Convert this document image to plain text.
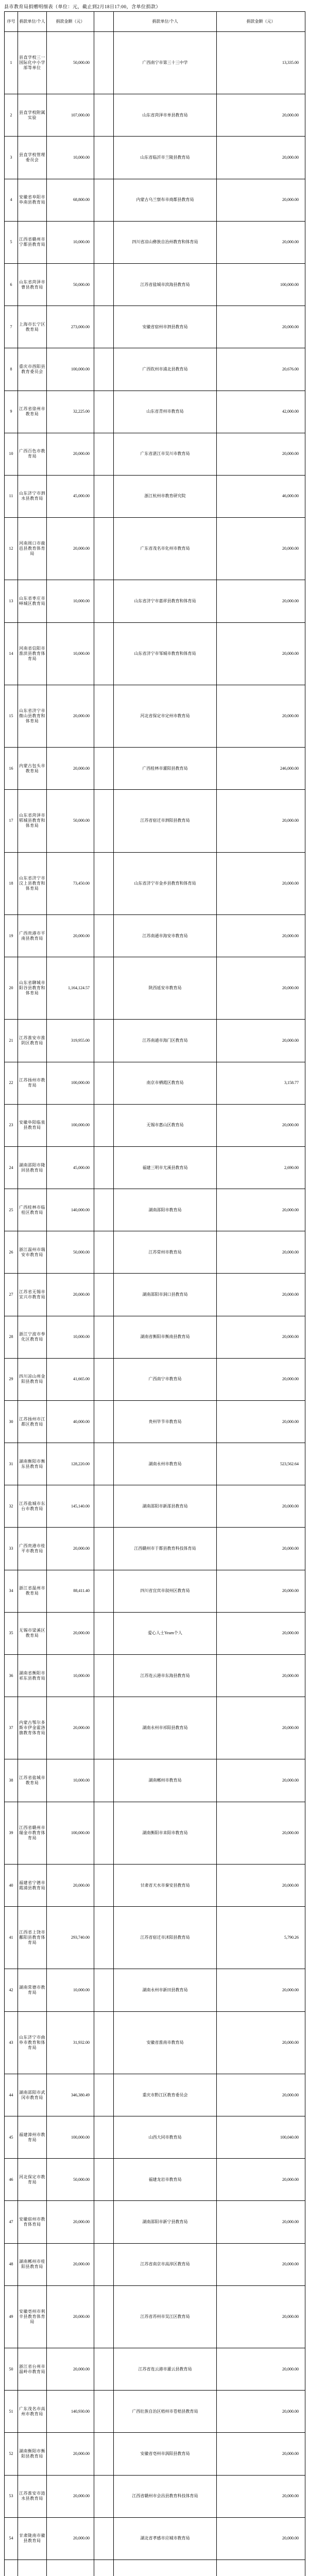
县市教育局捐赠明细表（单位：元，截止到2月18日17:00，含单位捐款）
序号	捐款单位/个人	捐款金额（元）		捐款单位/个人	捐款金额（元）
1	县直学校三一国际化中小学部等单位	50,000.00		广西南宁市第三十三中学	13,335.00
2	县直学校附属实验	107,000.00		山东省菏泽市单县教育局	20,000.00
3	县直学校管理委员会	10,000.00		山东省临沂市兰陵县教育局	20,000.00
4	安徽省阜阳市阜南县教育局	68,800.00		内蒙古乌兰察布市商都县教育局	20,000.00
5	江西省赣州市宁都县教育局	10,000.00		四川省凉山彝族自治州教育和体育局	20,000.00
6	山东省菏泽市曹县教育局	50,000.00		江苏省盐城市滨海县教育局	100,000.00
7	上海市长宁区教育局	273,000.00		安徽省宿州市泗县教育局	20,000.00
8	重庆市酉阳县教育委员会	100,000.00		广西钦州市浦北县教育局	20,676.00
9	江苏省徐州市教育局	32,225.00		山东省青州市教育局	42,000.00
10	广西百色市教育局	20,000.00		广东省湛江市吴川市教育局	20,000.00
11	山东济宁市泗水县教育局	45,000.00		浙江杭州市教育研究院	46,000.00
12	河南周口市鹿邑县教育体育局	20,000.00		广东省茂名市化州市教育局	20,000.00
13	山东省枣庄市峄城区教育局	10,000.00		山东省济宁市嘉祥县教育和体育局	20,000.00
14	河南省信阳市淮滨县教育体育局	10,000.00		山东省济宁市邹城市教育和体育局	20,000.00
15	山东省济宁市微山县教育和体育局	20,000.00		河北省保定市定州市教育局	20,000.00
16	内蒙古包头市教育局	20,000.00		广西桂林市灌阳县教育局	246,000.00
17	山东省菏泽市郓城县教育和体育局	50,000.00		江苏省宿迁市泗阳县教育局	20,000.00
18	山东省济宁市汶上县教育和体育局	73,450.00		山东省济宁市金乡县教育和体育局	20,000.00
19	广西贵港市平南县教育局	20,000.00		江苏南通市海安市教育局	20,000.00
20	山东省聊城市阳谷县教育和体育局	1,164,124.57		陕西延安市教育局	20,000.00
21	江苏淮安市淮阴区教育局	319,955.00		江苏南通市海门区教育局	20,000.00
22	江苏扬州市教育局	100,000.00		南京市栖霞区教育局	3,158.77
23	安徽阜阳临泉县教育局	100,000.00		无锡市惠山区教育局	20,000.00
24	湖南邵阳市隆回县教育局	45,000.00		福建三明市尤溪县教育局	2,690.00
25	广西桂林市临桂区教育局	140,000.00		湖南邵阳市教育局	20,000.00
26	浙江温州市瑞安市教育局	50,000.00		江苏常州市教育局	20,000.00
27	江苏省无锡市宜兴市教育局	20,000.00		湖南邵阳市洞口县教育局	20,000.00
28	浙江宁波市奉化区教育局	10,000.00		湖南省衡阳市衡南县教育局	20,000.00
29	四川凉山州金阳县教育局	41,665.00		广西南宁市教育局	20,000.00
30	江苏扬州市江都区教育局	40,000.00		贵州毕节市教育局	20,000.00
31	湖南衡阳市衡东县教育局	128,220.00		湖南永州市教育局	523,562.64
32	江苏盐城市东台市教育局	145,140.00		湖南邵阳市新邵县教育局	20,000.00
33	广西贵港市桂平市教育局	20,000.00		江西赣州市于都县教育科技体育局	20,000.00
34	浙江省温州市教育局	88,411.40		四川省宜宾市叙州区教育局	20,000.00
35	无锡市梁溪区教育局	20,000.00		爱心人士Yearn个人	20,000.00
36	湖南省衡阳市祁东县教育局	10,000.00		江苏连云港市东海县教育局	20,000.00
37	内蒙古鄂尔多斯市伊金霍洛旗教育体育局	20,000.00		湖南永州市祁阳县教育局	20,000.00
38	江苏省盐城市教育局	10,000.00		湖南郴州市教育局	20,000.00
39	江西省赣州市瑞金市教育体育局	100,000.00		湖南衡阳市耒阳市教育局	20,000.00
40	福建省宁德市霞浦县教育局	20,000.00		甘肃省天水市秦安县教育局	20,000.00
41	江西省上饶市鄱阳县教育体育局	293,740.00		江苏省宿迁市沭阳县教育局	5,790.26
42	湖南常德市教育局	10,000.00		湖南永州市新田县教育局	20,000.00
43	山东济宁市曲阜市教育和体育局	31,932.00		安徽省淮南市教育局	20,000.00
44	湖南邵阳市武冈市教育局	346,380.49		重庆市黔江区教育委员会	20,000.00
45	福建漳州市教育局	100,000.00		山西大同市教育局	100,040.00
46	河北保定市教育局	50,000.00		福建龙岩市教育局	20,000.00
47	安徽宿州市教育体育局	20,000.00		湖南邵阳市新宁县教育局	20,000.00
48	湖南郴州市桂阳县教育局	20,000.00		江苏省南京市高淳区教育局	20,000.00
49	安徽亳州市利辛县教育体育局	20,000.00		江苏省苏州市吴江区教育局	20,000.00
50	浙江省台州市温岭市教育局	20,000.00		江苏省连云港市灌云县教育局	20,000.00
51	广东茂名市高州市教育局	140,930.00		广西壮族自治区梧州市苍梧县教育局	20,000.00
52	湖南衡阳市衡阳县教育局	20,000.00		安徽省亳州市涡阳县教育局	20,000.00
53	江苏淮安市涟水县教育局	20,000.00		江西省赣州市会昌县教育科技体育局	20,000.00
54	甘肃陇南市徽县教育局	20,000.00		湖北省孝感市应城市教育局	20,000.00
